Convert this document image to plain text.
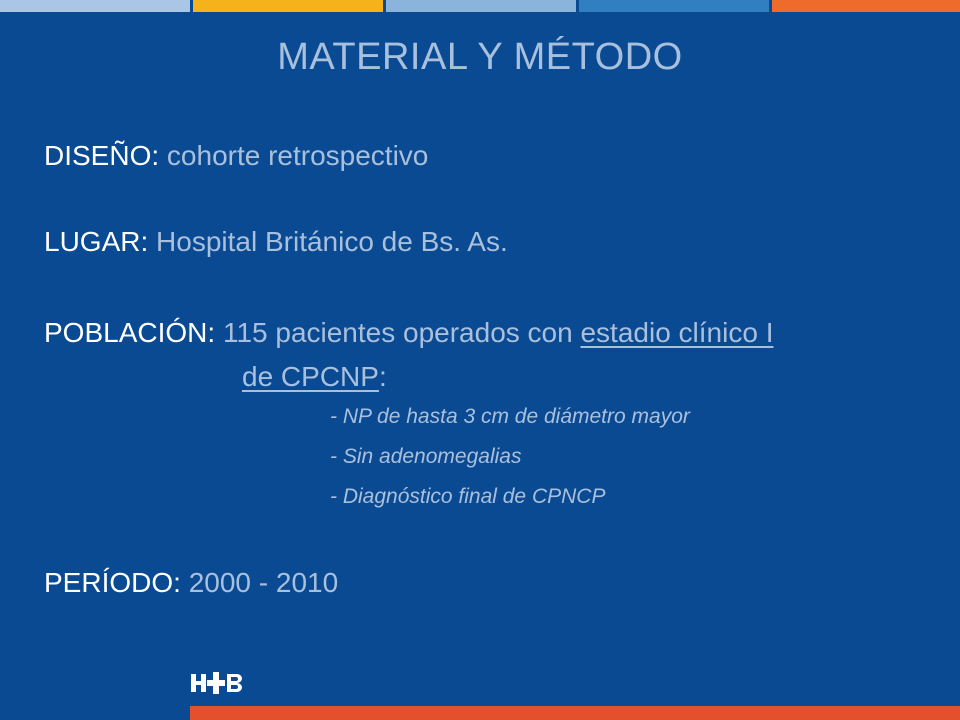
MATERIAL Y MÉTODO
DISEÑO: cohorte retrospectivo
LUGAR: Hospital Británico de Bs. As.
POBLACIÓN: 115 pacientes operados con estadio clínico I
de CPCNP:
- NP de hasta 3 cm de diámetro mayor
- Sin adenomegalias
- Diagnóstico final de CPNCP
PERÍODO: 2000 - 2010
